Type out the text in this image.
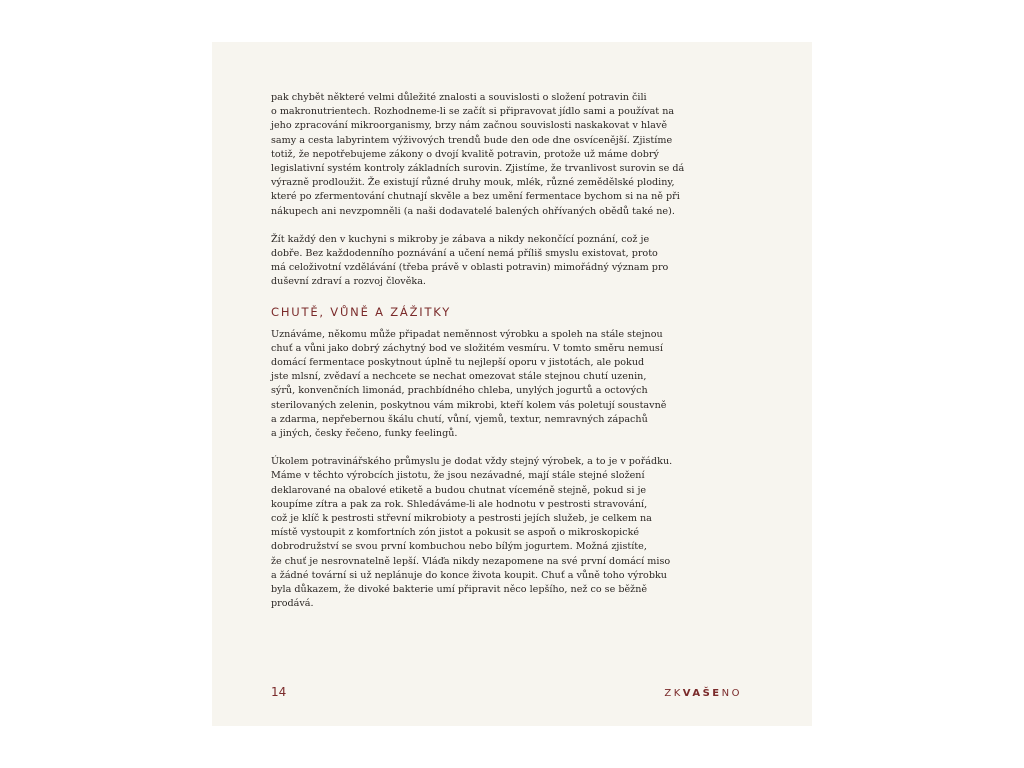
pak chybět některé velmi důležité znalosti a souvislosti o složení potravin čili
o makronutrientech. Rozhodneme-li se začít si připravovat jídlo sami a používat na
jeho zpracování mikroorganismy, brzy nám začnou souvislosti naskakovat v hlavě
samy a cesta labyrintem výživových trendů bude den ode dne osvícenější. Zjistíme
totiž, že nepotřebujeme zákony o dvojí kvalitě potravin, protože už máme dobrý
legislativní systém kontroly základních surovin. Zjistíme, že trvanlivost surovin se dá
výrazně prodloužit. Že existují různé druhy mouk, mlék, různé zemědělské plodiny,
které po zfermentování chutnají skvěle a bez umění fermentace bychom si na ně při
nákupech ani nevzpomněli (a naši dodavatelé balených ohřívaných obědů také ne).
Žít každý den v kuchyni s mikroby je zábava a nikdy nekončící poznání, což je
dobře. Bez každodenního poznávání a učení nemá příliš smyslu existovat, proto
má celoživotní vzdělávání (třeba právě v oblasti potravin) mimořádný význam pro
duševní zdraví a rozvoj člověka.
CHUTĚ, VŮNĚ A ZÁŽITKY
Uznáváme, někomu může připadat neměnnost výrobku a spoleh na stále stejnou
chuť a vůni jako dobrý záchytný bod ve složitém vesmíru. V tomto směru nemusí
domácí fermentace poskytnout úplně tu nejlepší oporu v jistotách, ale pokud
jste mlsní, zvědaví a nechcete se nechat omezovat stále stejnou chutí uzenin,
sýrů, konvenčních limonád, prachbídného chleba, unylých jogurtů a octových
sterilovaných zelenin, poskytnou vám mikrobi, kteří kolem vás poletují soustavně
a zdarma, nepřebernou škálu chutí, vůní, vjemů, textur, nemravných zápachů
a jiných, česky řečeno, funky feelingů.
Úkolem potravinářského průmyslu je dodat vždy stejný výrobek, a to je v pořádku.
Máme v těchto výrobcích jistotu, že jsou nezávadné, mají stále stejné složení
deklarované na obalové etiketě a budou chutnat víceméně stejně, pokud si je
koupíme zítra a pak za rok. Shledáváme-li ale hodnotu v pestrosti stravování,
což je klíč k pestrosti střevní mikrobioty a pestrosti jejích služeb, je celkem na
místě vystoupit z komfortních zón jistot a pokusit se aspoň o mikroskopické
dobrodružství se svou první kombuchou nebo bílým jogurtem. Možná zjistíte,
že chuť je nesrovnatelně lepší. Vláďa nikdy nezapomene na své první domácí miso
a žádné tovární si už neplánuje do konce života koupit. Chuť a vůně toho výrobku
byla důkazem, že divoké bakterie umí připravit něco lepšího, než co se běžně
prodává.
14	ZKVAŠENO
